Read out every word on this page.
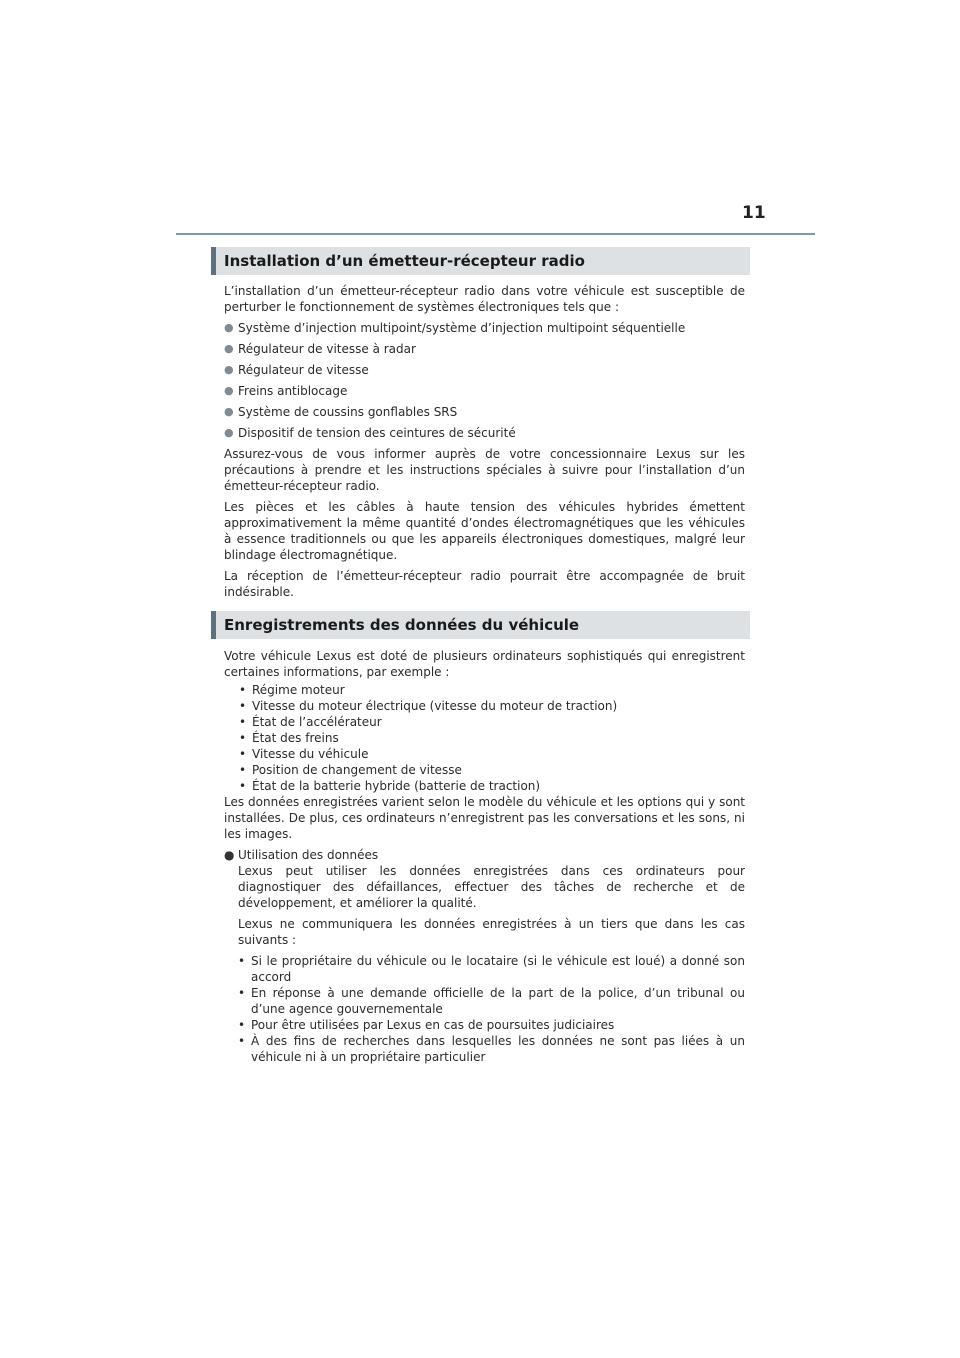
11
Installation d’un émetteur-récepteur radio

L’installation d’un émetteur-récepteur radio dans votre véhicule est susceptible de perturber le fonctionnement de systèmes électroniques tels que :

● Système d’injection multipoint/système d’injection multipoint séquentielle
● Régulateur de vitesse à radar
● Régulateur de vitesse
● Freins antiblocage
● Système de coussins gonflables SRS
● Dispositif de tension des ceintures de sécurité

Assurez-vous de vous informer auprès de votre concessionnaire Lexus sur les précautions à prendre et les instructions spéciales à suivre pour l’installation d’un émetteur-récepteur radio.

Les pièces et les câbles à haute tension des véhicules hybrides émettent approximativement la même quantité d’ondes électromagnétiques que les véhicules à essence traditionnels ou que les appareils électroniques domestiques, malgré leur blindage électromagnétique.

La réception de l’émetteur-récepteur radio pourrait être accompagnée de bruit indésirable.

Enregistrements des données du véhicule

Votre véhicule Lexus est doté de plusieurs ordinateurs sophistiqués qui enregistrent certaines informations, par exemple :

• Régime moteur
• Vitesse du moteur électrique (vitesse du moteur de traction)
• État de l’accélérateur
• État des freins
• Vitesse du véhicule
• Position de changement de vitesse
• État de la batterie hybride (batterie de traction)

Les données enregistrées varient selon le modèle du véhicule et les options qui y sont installées. De plus, ces ordinateurs n’enregistrent pas les conversations et les sons, ni les images.

● Utilisation des données

Lexus peut utiliser les données enregistrées dans ces ordinateurs pour diagnostiquer des défaillances, effectuer des tâches de recherche et de développement, et améliorer la qualité.

Lexus ne communiquera les données enregistrées à un tiers que dans les cas suivants :

• Si le propriétaire du véhicule ou le locataire (si le véhicule est loué) a donné son accord
• En réponse à une demande officielle de la part de la police, d’un tribunal ou d’une agence gouvernementale
• Pour être utilisées par Lexus en cas de poursuites judiciaires
• À des fins de recherches dans lesquelles les données ne sont pas liées à un véhicule ni à un propriétaire particulier
